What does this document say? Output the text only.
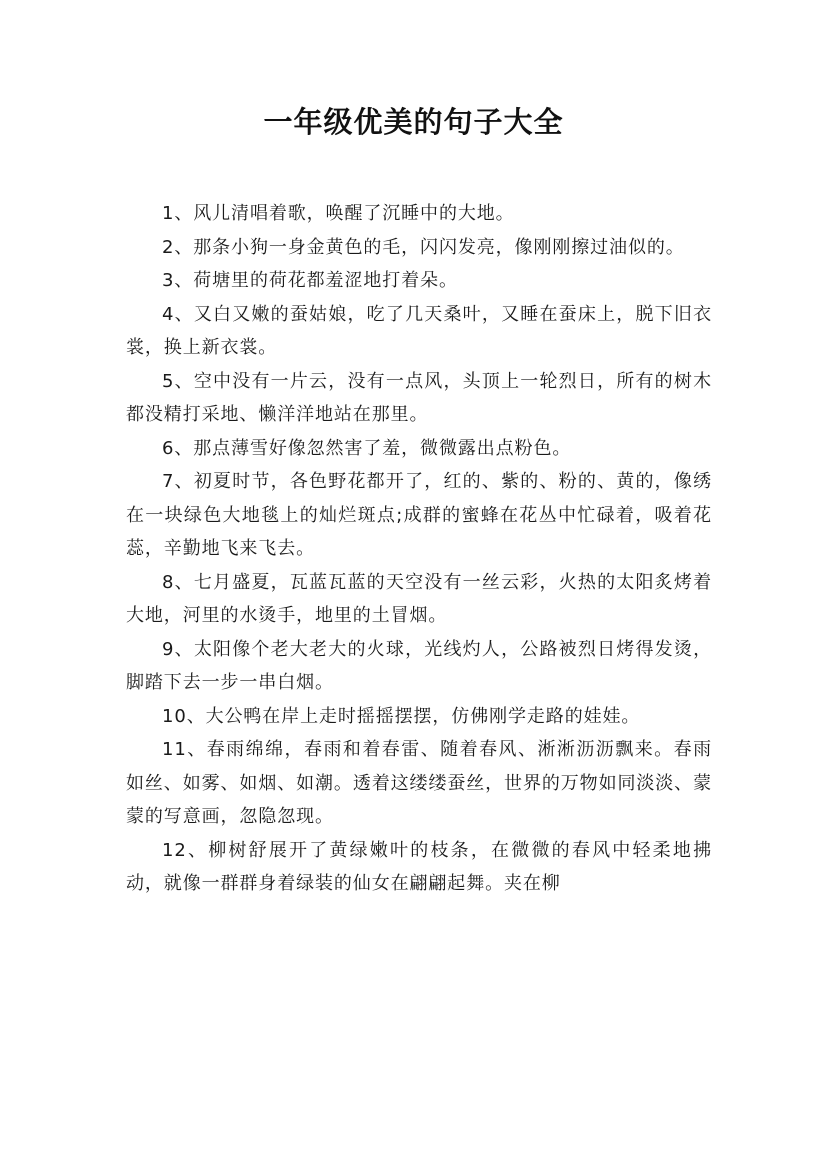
一年级优美的句子大全

1、风儿清唱着歌，唤醒了沉睡中的大地。

2、那条小狗一身金黄色的毛，闪闪发亮，像刚刚擦过油似的。

3、荷塘里的荷花都羞涩地打着朵。

4、又白又嫩的蚕姑娘，吃了几天桑叶，又睡在蚕床上，脱下旧衣裳，换上新衣裳。

5、空中没有一片云，没有一点风，头顶上一轮烈日，所有的树木都没精打采地、懒洋洋地站在那里。

6、那点薄雪好像忽然害了羞，微微露出点粉色。

7、初夏时节，各色野花都开了，红的、紫的、粉的、黄的，像绣在一块绿色大地毯上的灿烂斑点;成群的蜜蜂在花丛中忙碌着，吸着花蕊，辛勤地飞来飞去。

8、七月盛夏，瓦蓝瓦蓝的天空没有一丝云彩，火热的太阳炙烤着大地，河里的水烫手，地里的土冒烟。

9、太阳像个老大老大的火球，光线灼人，公路被烈日烤得发烫，脚踏下去一步一串白烟。

10、大公鸭在岸上走时摇摇摆摆，仿佛刚学走路的娃娃。

11、春雨绵绵，春雨和着春雷、随着春风、淅淅沥沥飘来。春雨如丝、如雾、如烟、如潮。透着这缕缕蚕丝，世界的万物如同淡淡、蒙蒙的写意画，忽隐忽现。

12、柳树舒展开了黄绿嫩叶的枝条，在微微的春风中轻柔地拂动，就像一群群身着绿装的仙女在翩翩起舞。夹在柳
